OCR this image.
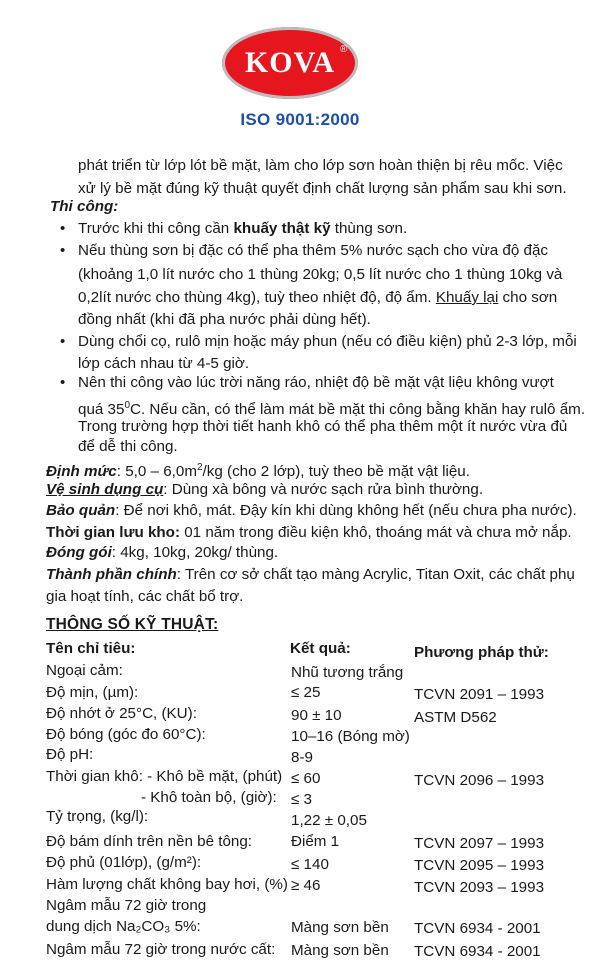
KOVA ®
ISO 9001:2000
phát triển từ lớp lót bề mặt, làm cho lớp sơn hoàn thiện bị rêu mốc. Việc
xử lý bề mặt đúng kỹ thuật quyết định chất lượng sản phẩm sau khi sơn.
Thi công:
• Trước khi thi công cần khuấy thật kỹ thùng sơn.
• Nếu thùng sơn bị đặc có thể pha thêm 5% nước sạch cho vừa độ đặc
(khoảng 1,0 lít nước cho 1 thùng 20kg; 0,5 lít nước cho 1 thùng 10kg và
0,2lít nước cho thùng 4kg), tuỳ theo nhiệt độ, độ ẩm. Khuấy lại cho sơn
đồng nhất (khi đã pha nước phải dùng hết).
• Dùng chổi cọ, rulô mịn hoặc máy phun (nếu có điều kiện) phủ 2-3 lớp, mỗi
lớp cách nhau từ 4-5 giờ.
• Nên thi công vào lúc trời năng ráo, nhiệt độ bề mặt vật liệu không vượt
quá $35^0C$. Nếu cần, có thể làm mát bề mặt thi công bằng khăn hay rulô ẩm.
Trong trường hợp thời tiết hanh khô có thể pha thêm một ít nước vừa đủ
để dễ thi công.
Định mức: $5,0 - 6,0m^2/kg$ (cho 2 lớp), tuỳ theo bề mặt vật liệu.
Vệ sinh dụng cụ: Dùng xà bông và nước sạch rửa bình thường.
Bảo quản: Để nơi khô, mát. Đậy kín khi dùng không hết (nếu chưa pha nước).
Thời gian lưu kho: 01 năm trong điều kiện khô, thoáng mát và chưa mở nắp.
Đóng gói: 4kg, 10kg, 20kg/ thùng.
Thành phần chính: Trên cơ sở chất tạo màng Acrylic, Titan Oxit, các chất phụ
gia hoạt tính, các chất bổ trợ.
THÔNG SỐ KỸ THUẬT:
Tên chỉ tiêu:	Kết quả:	Phương pháp thử:
Ngoại cảm:	Nhũ tương trắng
Độ mịn, (µm):	≤ 25	TCVN 2091 – 1993
Độ nhớt ở 25°C, (KU):	90 ± 10	ASTM D562
Độ bóng (góc đo 60°C):	10–16 (Bóng mờ)
Độ pH:	8-9
Thời gian khô: - Khô bề mặt, (phút) ≤ 60	TCVN 2096 – 1993
- Khô toàn bộ, (giờ): ≤ 3
Tỷ trọng, (kg/l):	1,22 ± 0,05
Độ bám dính trên nền bê tông:	Điểm 1	TCVN 2097 – 1993
Độ phủ (01lớp), (g/m²):	≤ 140	TCVN 2095 – 1993
Hàm lượng chất không bay hơi, (%) ≥ 46	TCVN 2093 – 1993
Ngâm mẫu 72 giờ trong
dung dịch Na₂CO₃ 5%:	Màng sơn bền TCVN 6934 - 2001
Ngâm mẫu 72 giờ trong nước cất: Màng sơn bền TCVN 6934 - 2001
